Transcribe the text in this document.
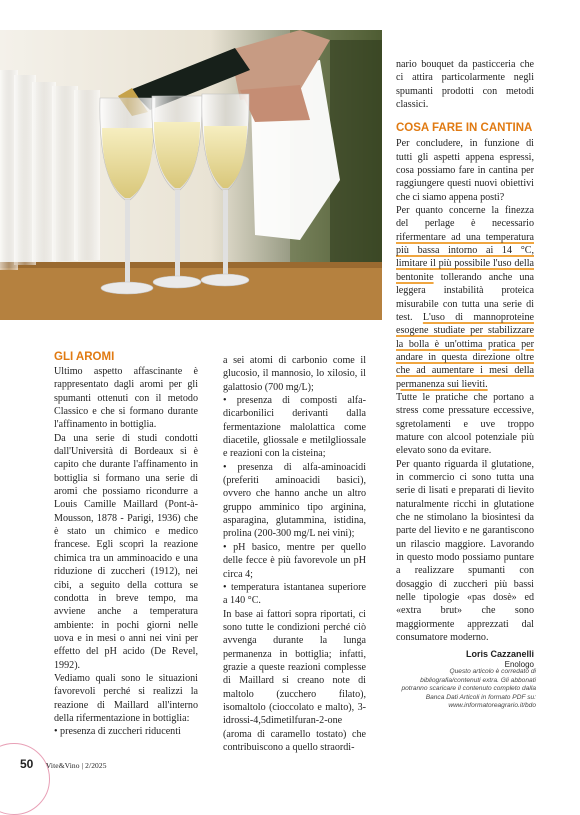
GLI AROMI

Ultimo aspetto affascinante è rappresentato dagli aromi per gli spumanti ottenuti con il metodo Classico e che si formano durante l'affinamento in bottiglia.

Da una serie di studi condotti dall'Università di Bordeaux si è capito che durante l'affinamento in bottiglia si formano una serie di aromi che possiamo ricondurre a Louis Camille Maillard (Pont-à-Mousson, 1878 - Parigi, 1936) che è stato un chimico e medico francese. Egli scoprì la reazione chimica tra un amminoacido e una riduzione di zuccheri (1912), nei cibi, a seguito della cottura se condotta in breve tempo, ma avviene anche a temperatura ambiente: in pochi giorni nelle uova e in mesi o anni nei vini per effetto del pH acido (De Revel, 1992).

Vediamo quali sono le situazioni favorevoli perché si realizzi la reazione di Maillard all'interno della rifermentazione in bottiglia:

• presenza di zuccheri riducenti

a sei atomi di carbonio come il glucosio, il mannosio, lo xilosio, il galattosio (700 mg/L);

• presenza di composti alfa-dicarbonilici derivanti dalla fermentazione malolattica come diacetile, gliossale e metilgliossale e reazioni con la cisteina;

• presenza di alfa-aminoacidi (preferiti aminoacidi basici), ovvero che hanno anche un altro gruppo amminico tipo arginina, asparagina, glutammina, istidina, prolina (200-300 mg/L nei vini);

• pH basico, mentre per quello delle fecce è più favorevole un pH circa 4;

• temperatura istantanea superiore a 140 °C.

In base ai fattori sopra riportati, ci sono tutte le condizioni perché ciò avvenga durante la lunga permanenza in bottiglia; infatti, grazie a queste reazioni complesse di Maillard si creano note di maltolo (zucchero filato), isomaltolo (cioccolato e malto), 3-idrossi-4,5dimetilfuran-2-one (aroma di caramello tostato) che contribuiscono a quello straordi-

nario bouquet da pasticceria che ci attira particolarmente negli spumanti prodotti con metodi classici.

COSA FARE IN CANTINA

Per concludere, in funzione di tutti gli aspetti appena espressi, cosa possiamo fare in cantina per raggiungere questi nuovi obiettivi che ci siamo appena posti?

Per quanto concerne la finezza del perlage è necessario rifermentare ad una temperatura più bassa intorno ai 14 °C, limitare il più possibile l'uso della bentonite tollerando anche una leggera instabilità proteica misurabile con tutta una serie di test. L'uso di mannoproteine esogene studiate per stabilizzare la bolla è un'ottima pratica per andare in questa direzione oltre che ad aumentare i mesi della permanenza sui lieviti.

Tutte le pratiche che portano a stress come pressature eccessive, sgretolamenti e uve troppo mature con alcool potenziale più elevato sono da evitare.

Per quanto riguarda il glutatione, in commercio ci sono tutta una serie di lisati e preparati di lievito naturalmente ricchi in glutatione che ne stimolano la biosintesi da parte del lievito e ne garantiscono un rilascio maggiore. Lavorando in questo modo possiamo puntare a realizzare spumanti con dosaggio di zuccheri più bassi nelle tipologie «pas dosè» ed «extra brut» che sono maggiormente apprezzati dal consumatore moderno.

Loris Cazzanelli
Enologo
Questo articolo è corredato di bibliografia/contenuti extra. Gli abbonati potranno scaricare il contenuto completo dalla Banca Dati Articoli in formato PDF su: www.informatoreagrario.it/bdo
50 Vite&Vino | 2/2025
